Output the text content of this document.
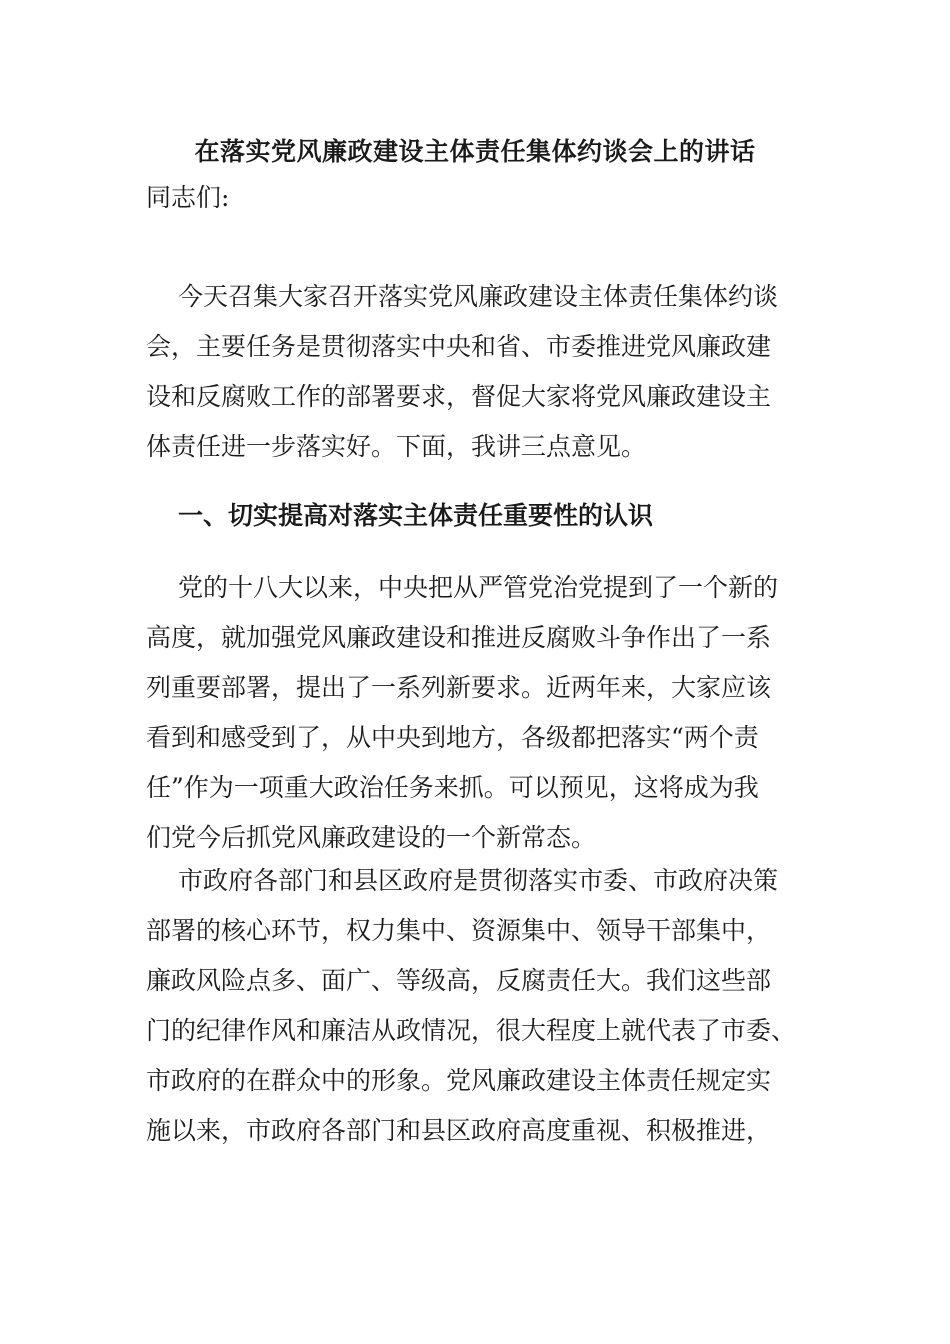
在落实党风廉政建设主体责任集体约谈会上的讲话
同志们:
今天召集大家召开落实党风廉政建设主体责任集体约谈
会，主要任务是贯彻落实中央和省、市委推进党风廉政建
设和反腐败工作的部署要求，督促大家将党风廉政建设主
体责任进一步落实好。下面，我讲三点意见。
一、切实提高对落实主体责任重要性的认识
党的十八大以来，中央把从严管党治党提到了一个新的
高度，就加强党风廉政建设和推进反腐败斗争作出了一系
列重要部署，提出了一系列新要求。近两年来，大家应该
看到和感受到了，从中央到地方，各级都把落实“两个责
任”作为一项重大政治任务来抓。可以预见，这将成为我
们党今后抓党风廉政建设的一个新常态。
市政府各部门和县区政府是贯彻落实市委、市政府决策
部署的核心环节，权力集中、资源集中、领导干部集中，
廉政风险点多、面广、等级高，反腐责任大。我们这些部
门的纪律作风和廉洁从政情况，很大程度上就代表了市委、
市政府的在群众中的形象。党风廉政建设主体责任规定实
施以来，市政府各部门和县区政府高度重视、积极推进，
